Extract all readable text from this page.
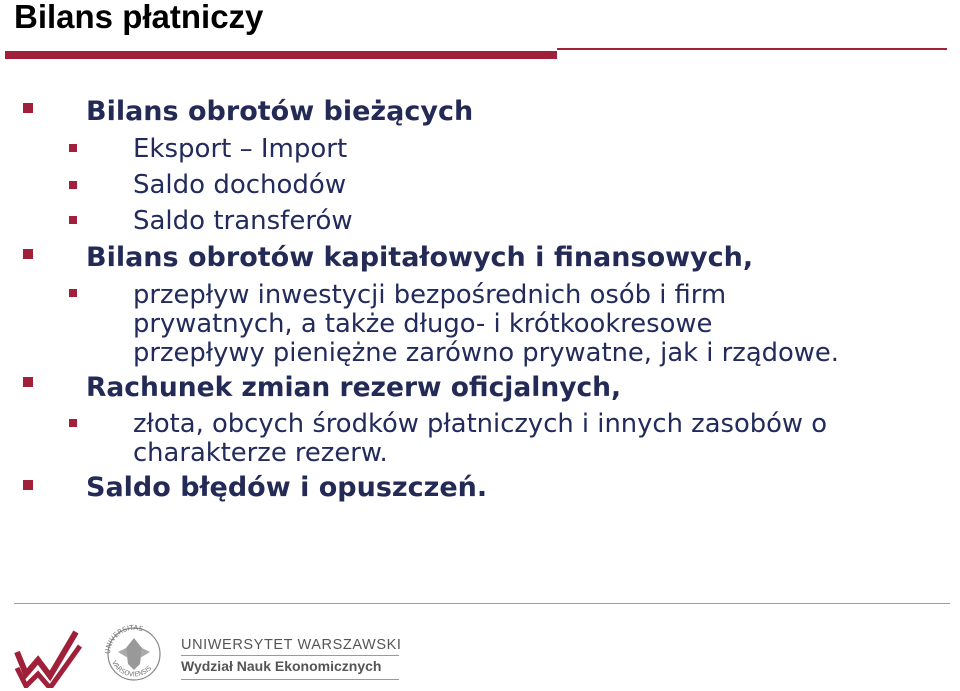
Bilans płatniczy
Bilans obrotów bieżących
Eksport – Import
Saldo dochodów
Saldo transferów
Bilans obrotów kapitałowych i finansowych,
przepływ inwestycji bezpośrednich osób i firm
prywatnych, a także długo- i krótkookresowe
przepływy pieniężne zarówno prywatne, jak i rządowe.
Rachunek zmian rezerw oficjalnych,
złota, obcych środków płatniczych i innych zasobów o
charakterze rezerw.
Saldo błędów i opuszczeń.
UNIVERSITAS
VARSOVIENSIS
UNIWERSYTET WARSZAWSKI
Wydział Nauk Ekonomicznych
